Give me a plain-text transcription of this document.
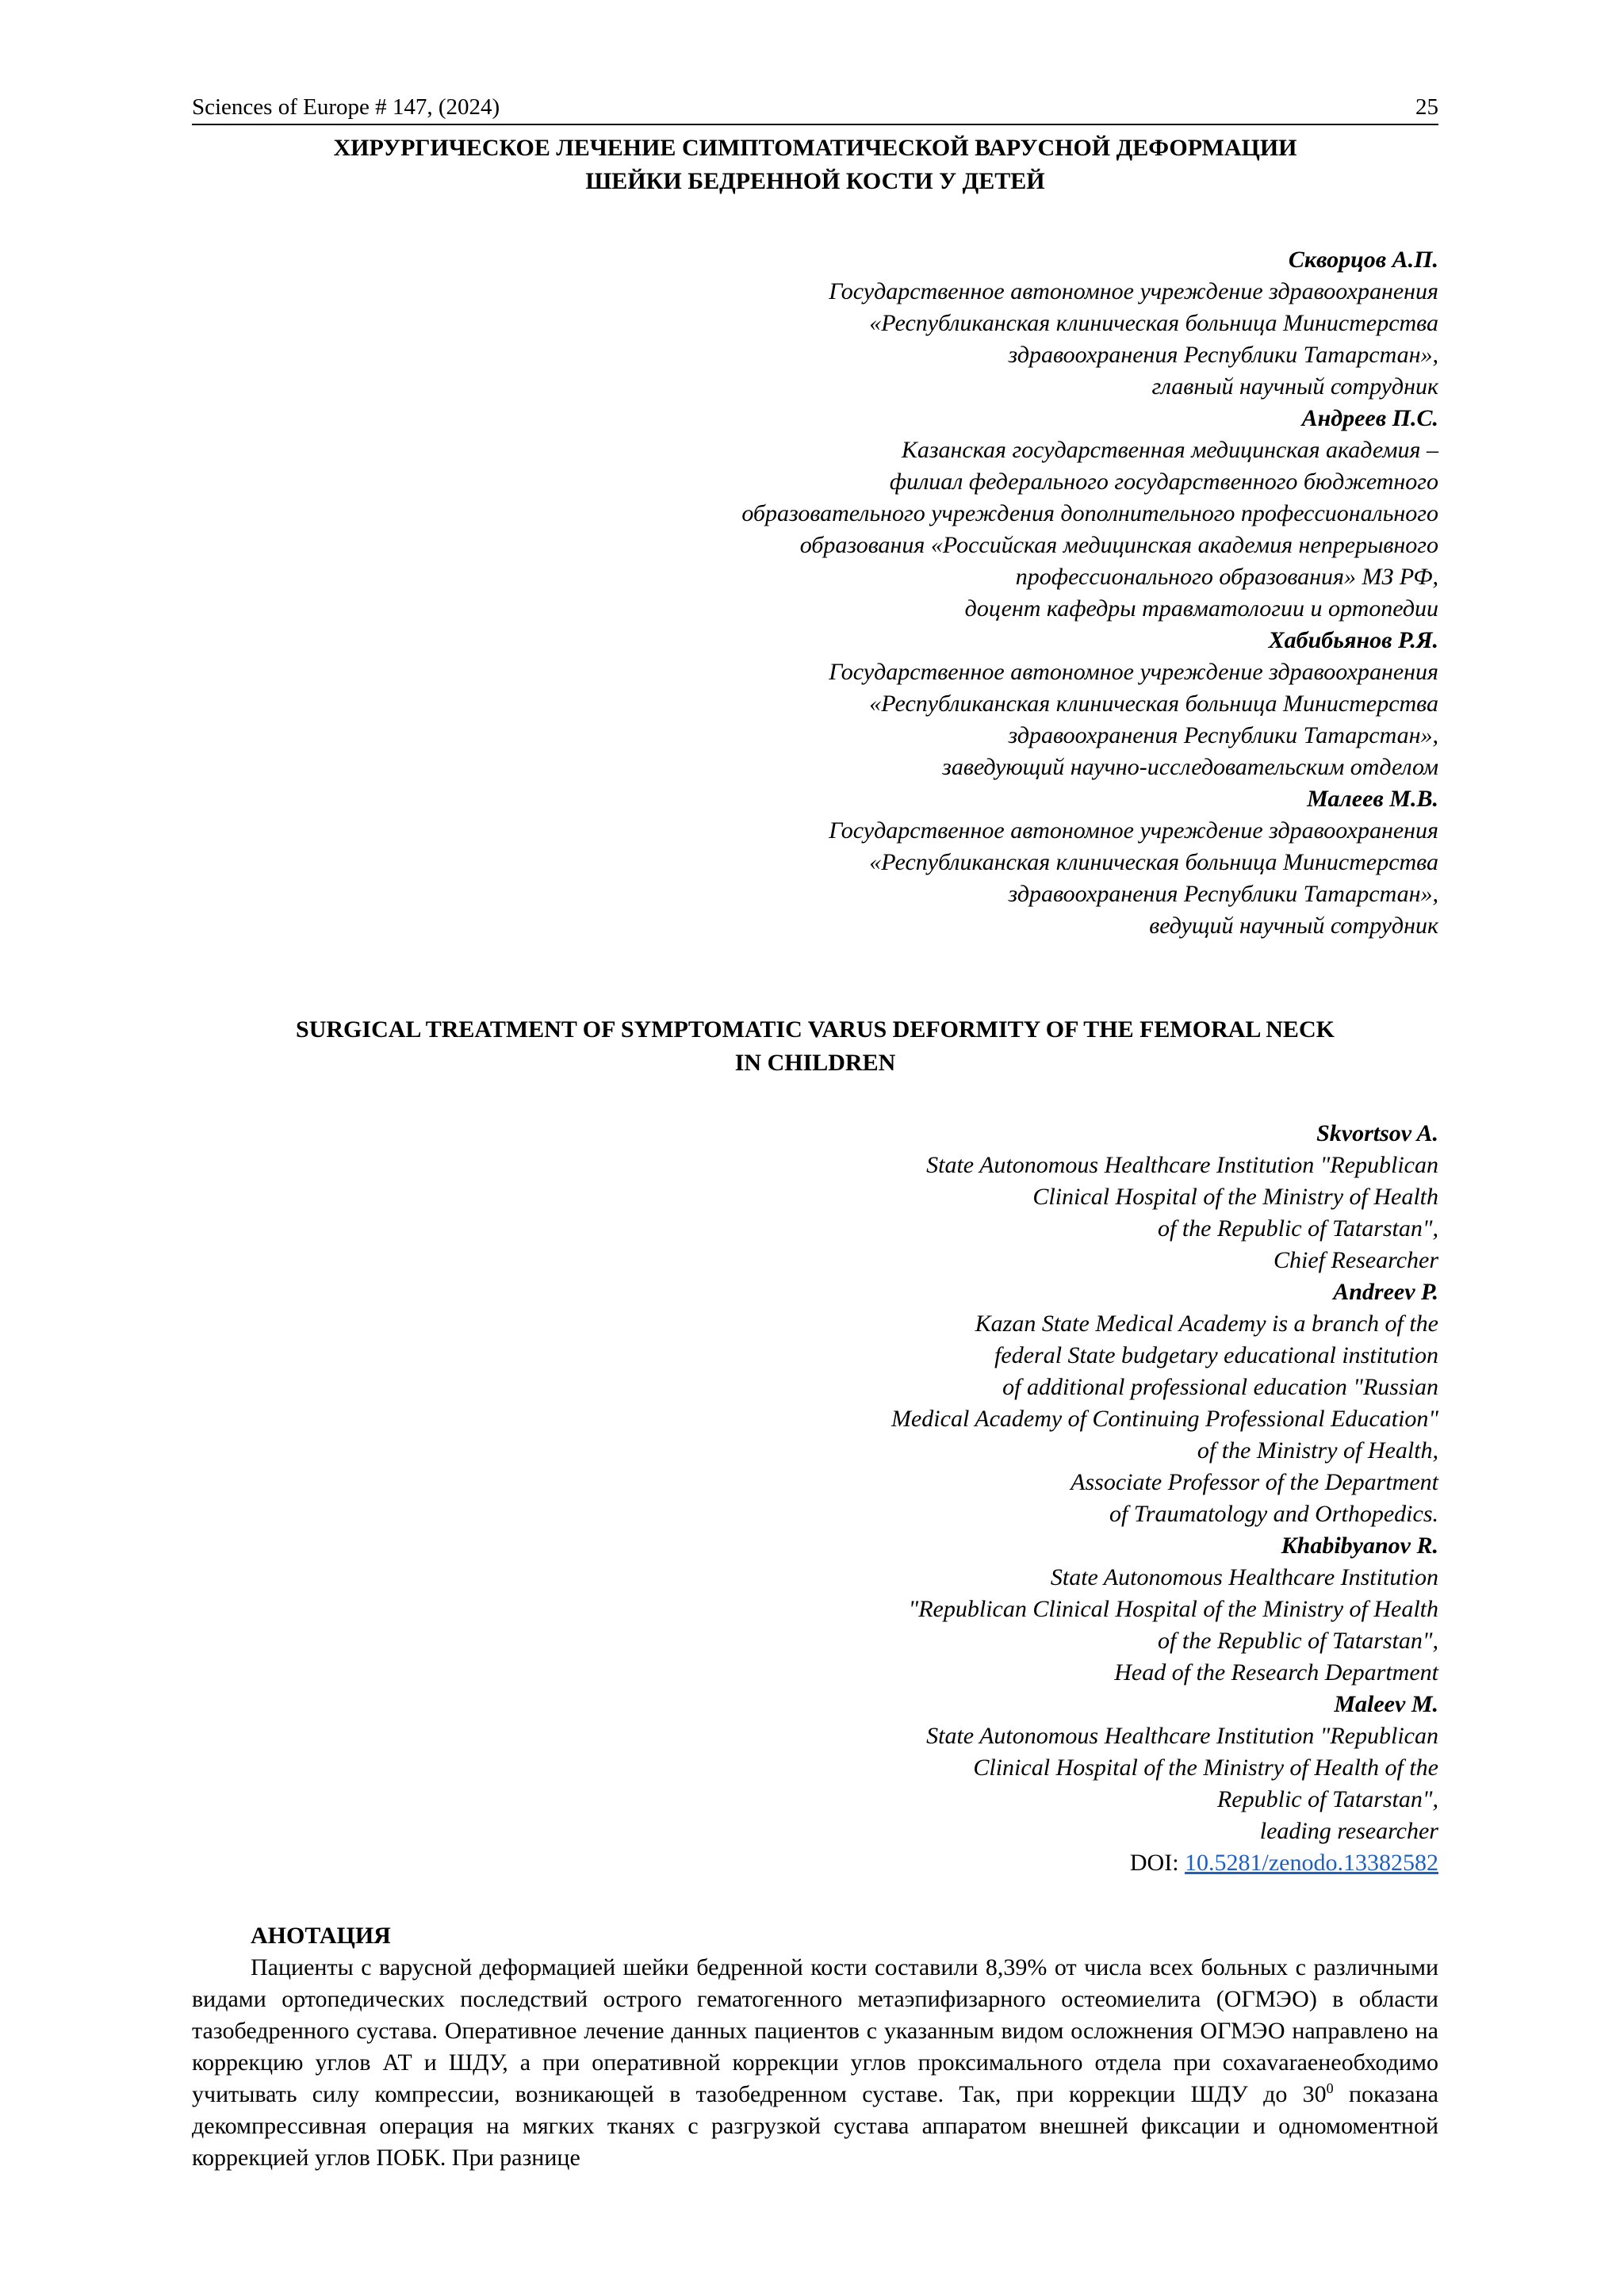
Sciences of Europe # 147, (2024)	25
ХИРУРГИЧЕСКОЕ ЛЕЧЕНИЕ СИМПТОМАТИЧЕСКОЙ ВАРУСНОЙ ДЕФОРМАЦИИ
ШЕЙКИ БЕДРЕННОЙ КОСТИ У ДЕТЕЙ
Скворцов А.П.
Государственное автономное учреждение здравоохранения
«Республиканская клиническая больница Министерства
здравоохранения Республики Татарстан»,
главный научный сотрудник
Андреев П.С.
Казанская государственная медицинская академия –
филиал федерального государственного бюджетного
образовательного учреждения дополнительного профессионального
образования «Российская медицинская академия непрерывного
профессионального образования» МЗ РФ,
доцент кафедры травматологии и ортопедии
Хабибьянов Р.Я.
Государственное автономное учреждение здравоохранения
«Республиканская клиническая больница Министерства
здравоохранения Республики Татарстан»,
заведующий научно-исследовательским отделом
Малеев М.В.
Государственное автономное учреждение здравоохранения
«Республиканская клиническая больница Министерства
здравоохранения Республики Татарстан»,
ведущий научный сотрудник
SURGICAL TREATMENT OF SYMPTOMATIC VARUS DEFORMITY OF THE FEMORAL NECK
IN CHILDREN
Skvortsov A.
State Autonomous Healthcare Institution "Republican
Clinical Hospital of the Ministry of Health
of the Republic of Tatarstan",
Chief Researcher
Andreev P.
Kazan State Medical Academy is a branch of the
federal State budgetary educational institution
of additional professional education "Russian
Medical Academy of Continuing Professional Education"
of the Ministry of Health,
Associate Professor of the Department
of Traumatology and Orthopedics.
Khabibyanov R.
State Autonomous Healthcare Institution
"Republican Clinical Hospital of the Ministry of Health
of the Republic of Tatarstan",
Head of the Research Department
Maleev M.
State Autonomous Healthcare Institution "Republican
Clinical Hospital of the Ministry of Health of the
Republic of Tatarstan",
leading researcher
DOI: 10.5281/zenodo.13382582
АНОТАЦИЯ

Пациенты с варусной деформацией шейки бедренной кости составили 8,39% от числа всех больных с различными видами ортопедических последствий острого гематогенного метаэпифизарного остеомиелита (ОГМЭО) в области тазобедренного сустава. Оперативное лечение данных пациентов с указанным видом осложнения ОГМЭО направлено на коррекцию углов АТ и ШДУ, а при оперативной коррекции углов проксимального отдела при сохаvarаенеобходимо учитывать силу компрессии, возникающей в тазобедренном суставе. Так, при коррекции ШДУ до $30^0$ показана декомпрессивная операция на мягких тканях с разгрузкой сустава аппаратом внешней фиксации и одномоментной коррекцией углов ПОБК. При разнице
